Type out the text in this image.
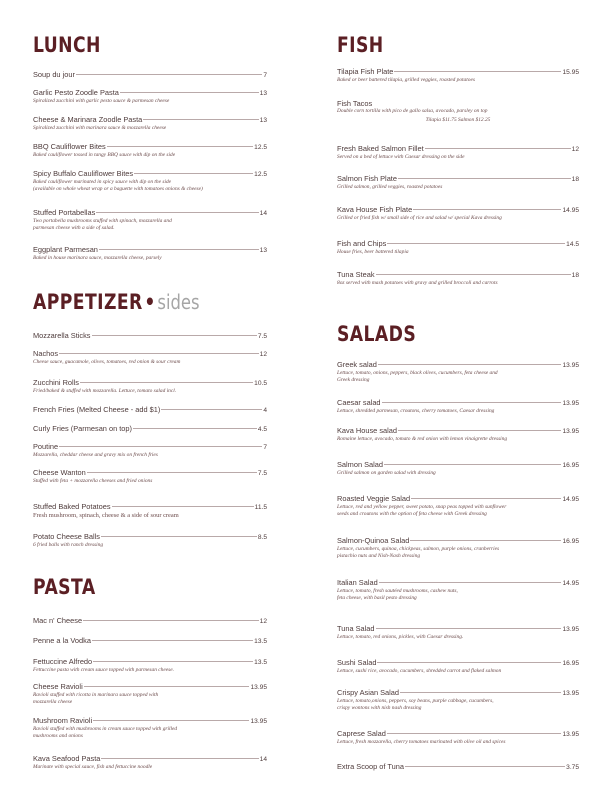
LUNCH
Soup du jour	7
Garlic Pesto Zoodle Pasta	13
Spiralized zucchini with garlic pesto sauce & parmesan cheese
Cheese & Marinara Zoodle Pasta	13
Spiralized zucchini with marinara sauce & mozzarella cheese
BBQ Cauliflower Bites	12.5
Baked cauliflower tossed in tangy BBQ sauce with dip on the side
Spicy Buffalo Cauliflower Bites	12.5
Baked cauliflower marinated in spicy sauce with dip on the side
(available on whole wheat wrap or a baguette with tomatoes onions & cheese)
Stuffed Portabellas	14
Two portabella mushrooms stuffed with spinach, mozzarella and
parmesan cheese with a side of salad.
Eggplant Parmesan	13
Baked in house marinara sauce, mozzarella cheese, parsely
APPETIZER•sides
Mozzarella Sticks	7.5
Nachos	12
Cheese sauce, guacamole, olives, tomatoes, red onion & sour cream
Zucchini Rolls	10.5
Fried/baked & stuffed with mozzarella. Lettuce, tomato salad incl.
French Fries (Melted Cheese - add $1)	4
Curly Fries (Parmesan on top)	4.5
Poutine	7
Mozzarella, cheddar cheese and gravy mix on french fries
Cheese Wanton	7.5
Stuffed with feta + mozzarella cheeses and fried onions
Stuffed Baked Potatoes	11.5
Fresh mushroom, spinach, cheese & a side of sour cream
Potato Cheese Balls	8.5
6 fried balls with ranch dressing
PASTA
Mac n' Cheese	12
Penne a la Vodka	13.5
Fettuccine Alfredo	13.5
Fettuccine pasta with cream sauce topped with parmesan cheese.
Cheese Ravioli	13.95
Ravioli stuffed with ricotta in marinara sauce topped with
mozzarella cheese
Mushroom Ravioli	13.95
Ravioli stuffed with mushrooms in cream sauce topped with grilled
mushrooms and onions
Kava Seafood Pasta	14
Marinate with special sauce, fish and fettuccine noodle
FISH
Tilapia Fish Plate	15.95
Baked or beer battered tilapia, grilled veggies, roasted potatoes
Fish Tacos
Double corn tortilla with pico de gallo salsa, avocado, parsley on top
Tilapia $11.75 Salmon $12.25
Fresh Baked Salmon Fillet	12
Served on a bed of lettuce with Caesar dressing on the side
Salmon Fish Plate	18
Grilled salmon, grilled veggies, roasted potatoes
Kava House Fish Plate	14.95
Grilled or fried fish w/ small side of rice and salad w/ special Kava dressing
Fish and Chips	14.5
House fries, beer battered tilapia
Tuna Steak	18
8oz served with mash potatoes with gravy and grilled broccoli and carrots
SALADS
Greek salad	13.95
Lettuce, tomato, onions, peppers, black olives, cucumbers, feta cheese and
Greek dressing
Caesar salad	13.95
Lettuce, shredded parmesan, croutons, cherry tomatoes, Caesar dressing
Kava House salad	13.95
Romaine lettuce, avocado, tomato & red onion with lemon vinaigrette dressing
Salmon Salad	16.95
Grilled salmon on garden salad with dressing
Roasted Veggie Salad	14.95
Lettuce, red and yellow pepper, sweet potato, snap peas topped with sunflower
seeds and croutons with the option of feta cheese with Greek dressing
Salmon-Quinoa Salad	16.95
Lettuce, cucumbers, quinoa, chickpeas, salmon, purple onions, cranberries
pistachio nuts and Nish-Nash dressing
Italian Salad	14.95
Lettuce, tomato, fresh sautéed mushrooms, cashew nuts,
feta cheese, with basil pesto dressing
Tuna Salad	13.95
Lettuce, tomato, red onions, pickles, with Caesar dressing.
Sushi Salad	16.95
Lettuce, sushi rice, avocado, cucumbers, shredded carrot and flaked salmon
Crispy Asian Salad	13.95
Lettuce, tomato,onions, peppers, soy beans, purple cabbage, cucumbers,
crispy wontons with nish nash dressing
Caprese Salad	13.95
Lettuce, fresh mozzarella, cherry tomatoes marinated with olive oil and spices
Extra Scoop of Tuna	3.75
